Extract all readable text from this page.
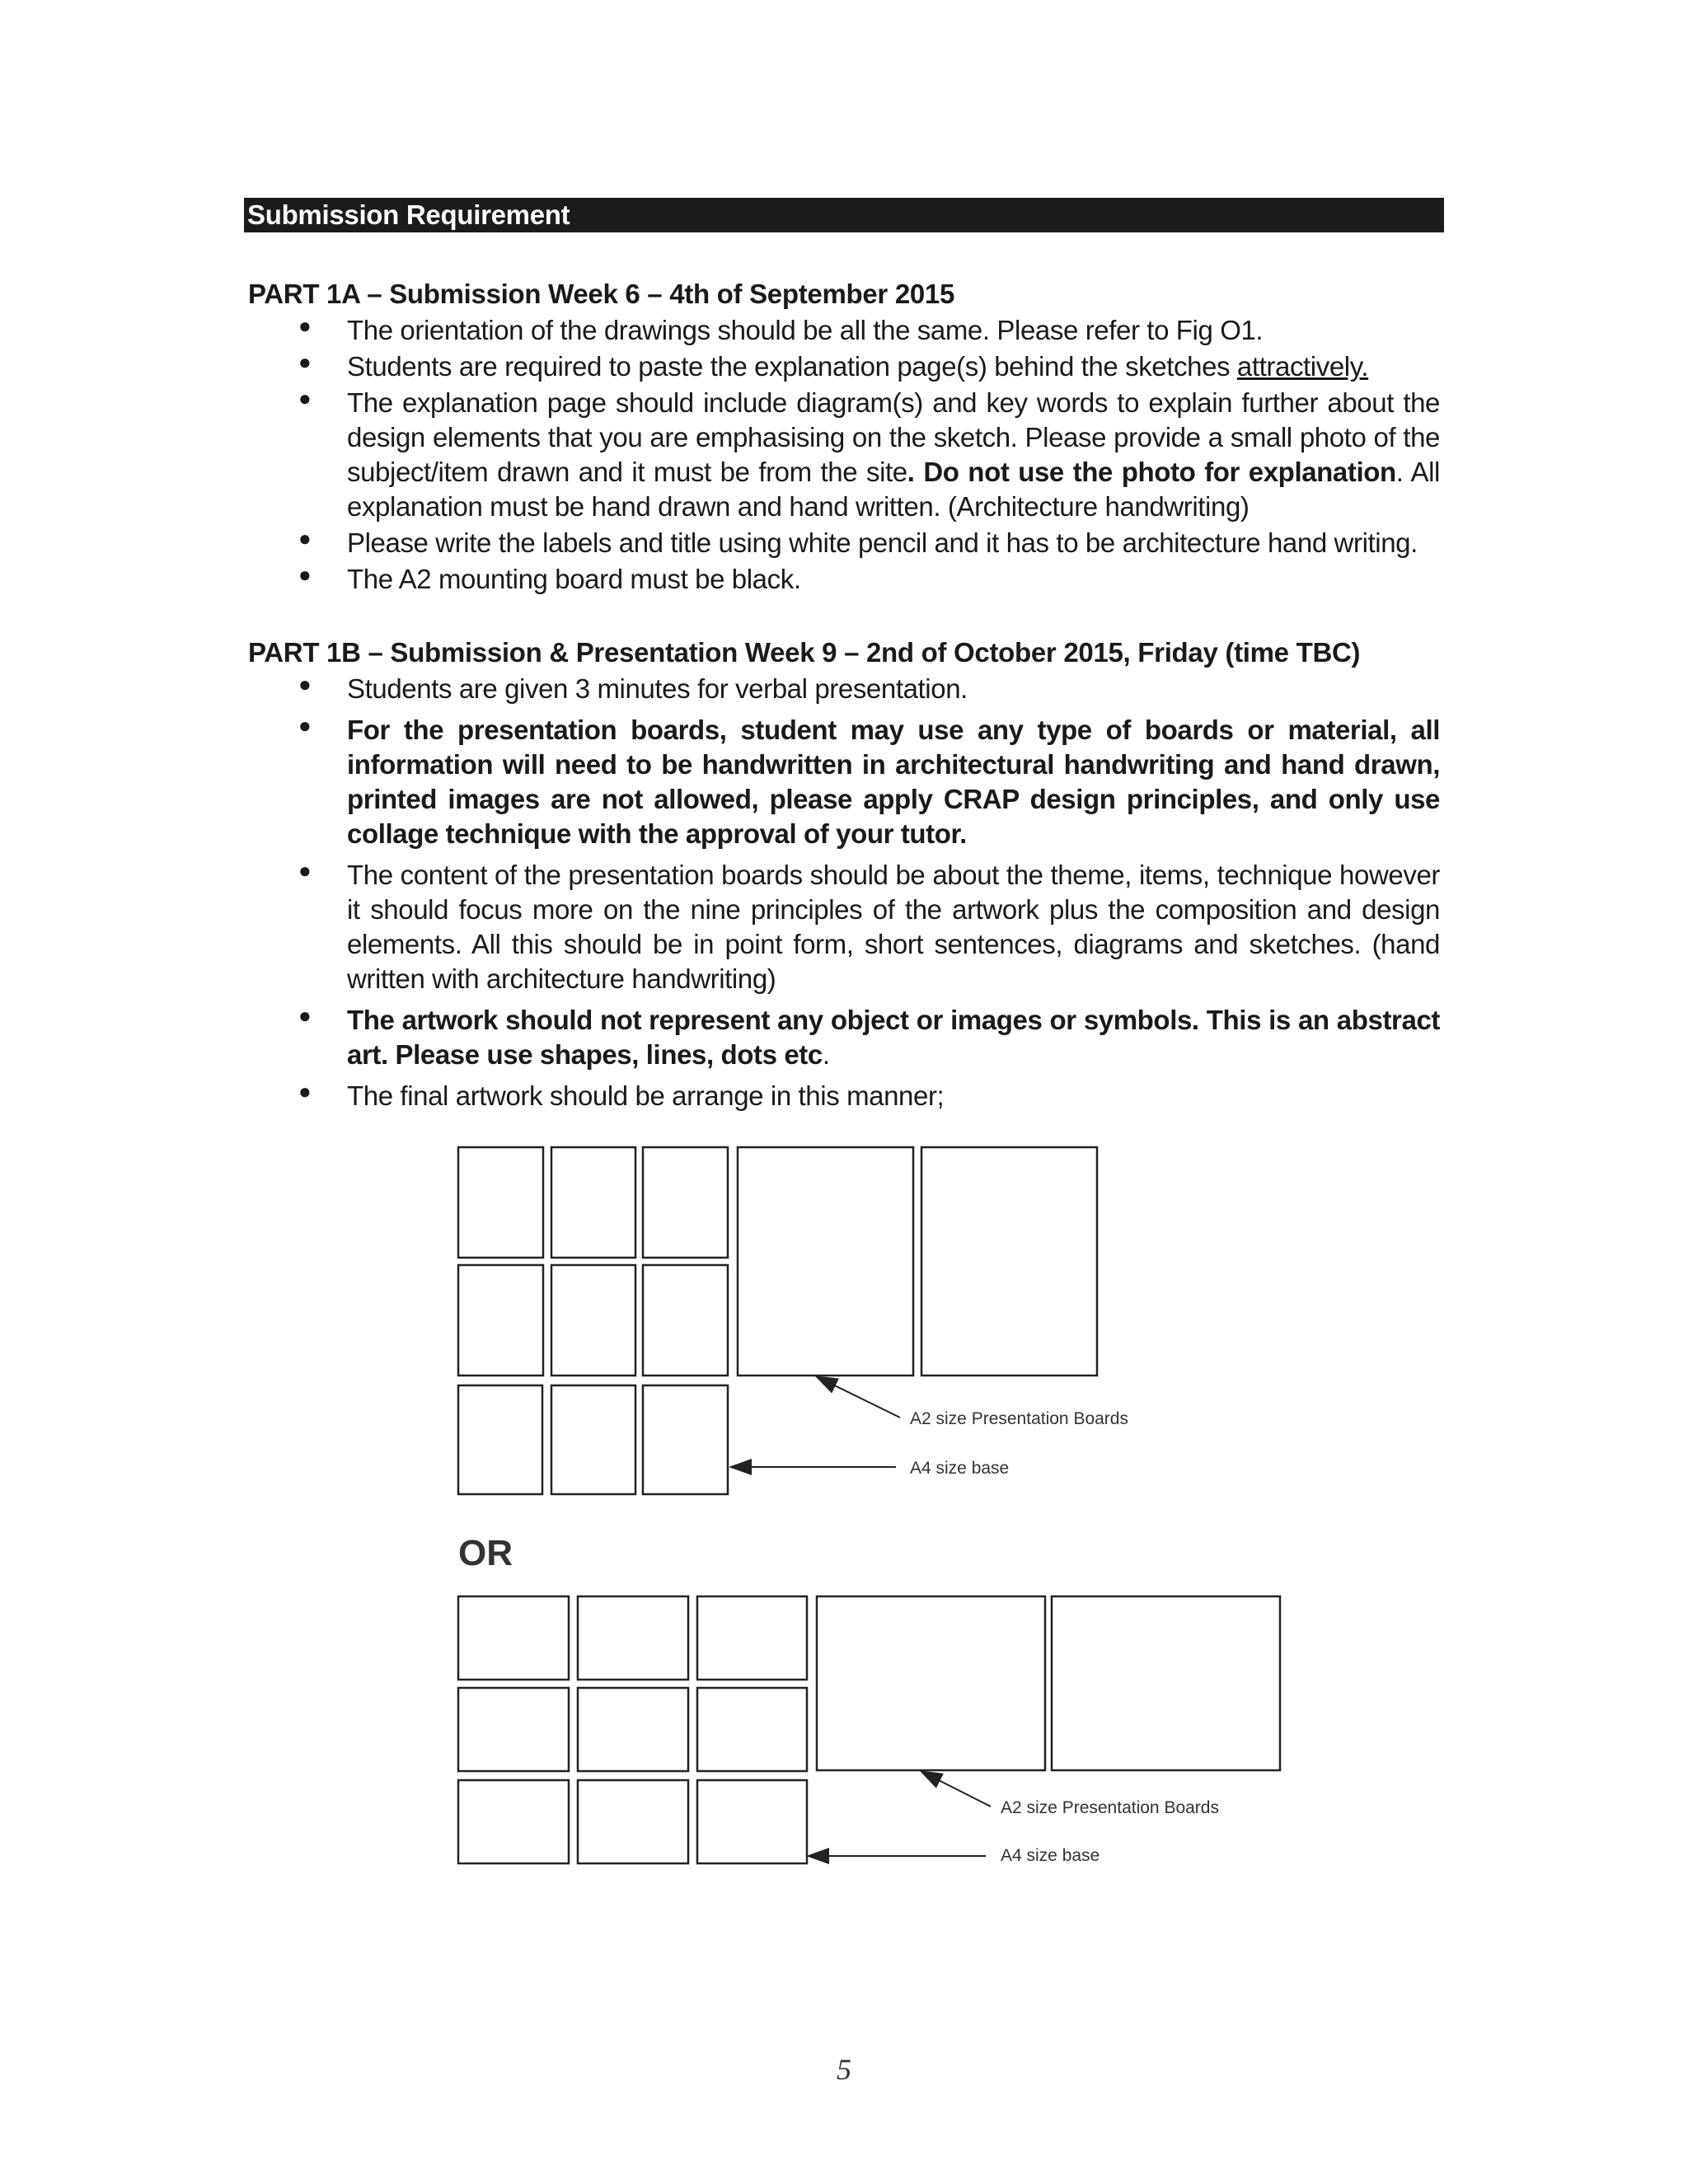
Submission Requirement
PART 1A – Submission Week 6 – 4th of September 2015
● The orientation of the drawings should be all the same. Please refer to Fig O1.
● Students are required to paste the explanation page(s) behind the sketches attractively.
● The explanation page should include diagram(s) and key words to explain further about the design elements that you are emphasising on the sketch. Please provide a small photo of the subject/item drawn and it must be from the site. Do not use the photo for explanation. All explanation must be hand drawn and hand written. (Architecture handwriting)
● Please write the labels and title using white pencil and it has to be architecture hand writing.
● The A2 mounting board must be black.
PART 1B – Submission & Presentation Week 9 – 2nd of October 2015, Friday (time TBC)
● Students are given 3 minutes for verbal presentation.
● For the presentation boards, student may use any type of boards or material, all information will need to be handwritten in architectural handwriting and hand drawn, printed images are not allowed, please apply CRAP design principles, and only use collage technique with the approval of your tutor.
● The content of the presentation boards should be about the theme, items, technique however it should focus more on the nine principles of the artwork plus the composition and design elements. All this should be in point form, short sentences, diagrams and sketches. (hand written with architecture handwriting)
● The artwork should not represent any object or images or symbols. This is an abstract art. Please use shapes, lines, dots etc.
● The final artwork should be arrange in this manner;
A2 size Presentation Boards
A4 size base
OR
A2 size Presentation Boards
A4 size base
5
